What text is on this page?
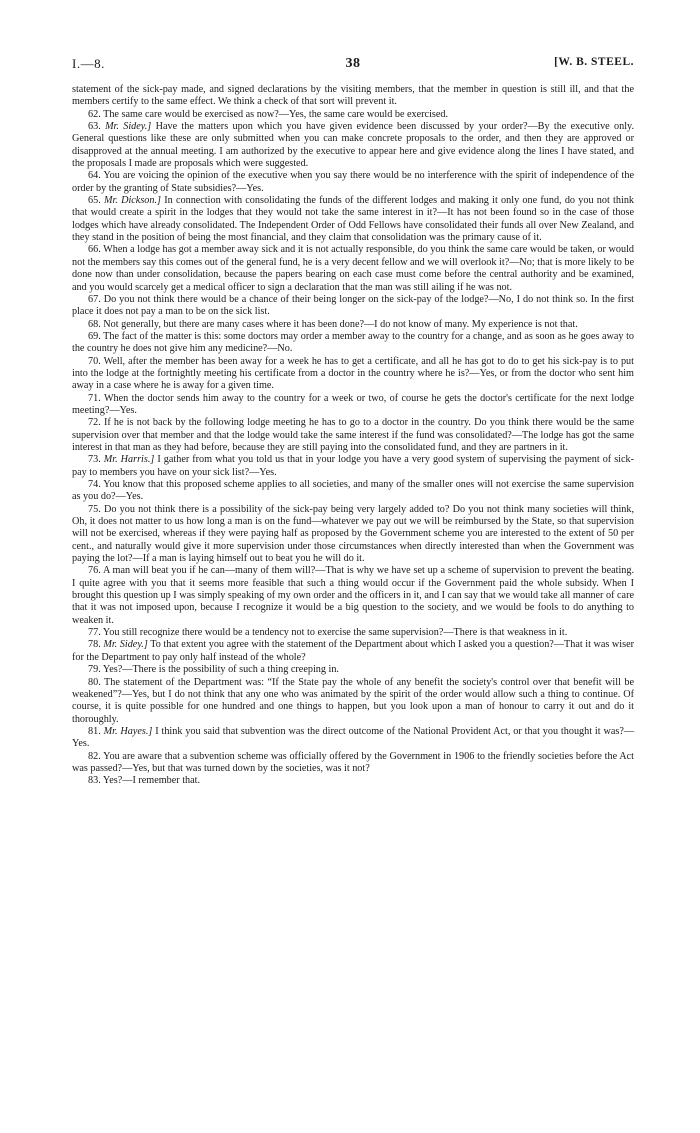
I.—8.	38	[W. B. STEEL.

statement of the sick-pay made, and signed declarations by the visiting members, that the member in question is still ill, and that the members certify to the same effect. We think a check of that sort will prevent it.

62. The same care would be exercised as now?—Yes, the same care would be exercised.

63. Mr. Sidey.] Have the matters upon which you have given evidence been discussed by your order?—By the executive only. General questions like these are only submitted when you can make concrete proposals to the order, and then they are approved or disapproved at the annual meeting. I am authorized by the executive to appear here and give evidence along the lines I have stated, and the proposals I made are proposals which were suggested.

64. You are voicing the opinion of the executive when you say there would be no interference with the spirit of independence of the order by the granting of State subsidies?—Yes.

65. Mr. Dickson.] In connection with consolidating the funds of the different lodges and making it only one fund, do you not think that would create a spirit in the lodges that they would not take the same interest in it?—It has not been found so in the case of those lodges which have already consolidated. The Independent Order of Odd Fellows have consolidated their funds all over New Zealand, and they stand in the position of being the most financial, and they claim that consolidation was the primary cause of it.

66. When a lodge has got a member away sick and it is not actually responsible, do you think the same care would be taken, or would not the members say this comes out of the general fund, he is a very decent fellow and we will overlook it?—No; that is more likely to be done now than under consolidation, because the papers bearing on each case must come before the central authority and be examined, and you would scarcely get a medical officer to sign a declaration that the man was still ailing if he was not.

67. Do you not think there would be a chance of their being longer on the sick-pay of the lodge?—No, I do not think so. In the first place it does not pay a man to be on the sick list.

68. Not generally, but there are many cases where it has been done?—I do not know of many. My experience is not that.

69. The fact of the matter is this: some doctors may order a member away to the country for a change, and as soon as he goes away to the country he does not give him any medicine?—No.

70. Well, after the member has been away for a week he has to get a certificate, and all he has got to do to get his sick-pay is to put into the lodge at the fortnightly meeting his certificate from a doctor in the country where he is?—Yes, or from the doctor who sent him away in a case where he is away for a given time.

71. When the doctor sends him away to the country for a week or two, of course he gets the doctor's certificate for the next lodge meeting?—Yes.

72. If he is not back by the following lodge meeting he has to go to a doctor in the country. Do you think there would be the same supervision over that member and that the lodge would take the same interest if the fund was consolidated?—The lodge has got the same interest in that man as they had before, because they are still paying into the consolidated fund, and they are partners in it.

73. Mr. Harris.] I gather from what you told us that in your lodge you have a very good system of supervising the payment of sick-pay to members you have on your sick list?—Yes.

74. You know that this proposed scheme applies to all societies, and many of the smaller ones will not exercise the same supervision as you do?—Yes.

75. Do you not think there is a possibility of the sick-pay being very largely added to? Do you not think many societies will think, Oh, it does not matter to us how long a man is on the fund—whatever we pay out we will be reimbursed by the State, so that supervision will not be exercised, whereas if they were paying half as proposed by the Government scheme you are interested to the extent of 50 per cent., and naturally would give it more supervision under those circumstances when directly interested than when the Government was paying the lot?—If a man is laying himself out to beat you he will do it.

76. A man will beat you if he can—many of them will?—That is why we have set up a scheme of supervision to prevent the beating. I quite agree with you that it seems more feasible that such a thing would occur if the Government paid the whole subsidy. When I brought this question up I was simply speaking of my own order and the officers in it, and I can say that we would take all manner of care that it was not imposed upon, because I recognize it would be a big question to the society, and we would be fools to do anything to weaken it.

77. You still recognize there would be a tendency not to exercise the same supervision?—There is that weakness in it.

78. Mr. Sidey.] To that extent you agree with the statement of the Department about which I asked you a question?—That it was wiser for the Department to pay only half instead of the whole?

79. Yes?—There is the possibility of such a thing creeping in.

80. The statement of the Department was: “If the State pay the whole of any benefit the society's control over that benefit will be weakened”?—Yes, but I do not think that any one who was animated by the spirit of the order would allow such a thing to continue. Of course, it is quite possible for one hundred and one things to happen, but you look upon a man of honour to carry it out and do it thoroughly.

81. Mr. Hayes.] I think you said that subvention was the direct outcome of the National Provident Act, or that you thought it was?—Yes.

82. You are aware that a subvention scheme was officially offered by the Government in 1906 to the friendly societies before the Act was passed?—Yes, but that was turned down by the societies, was it not?

83. Yes?—I remember that.
